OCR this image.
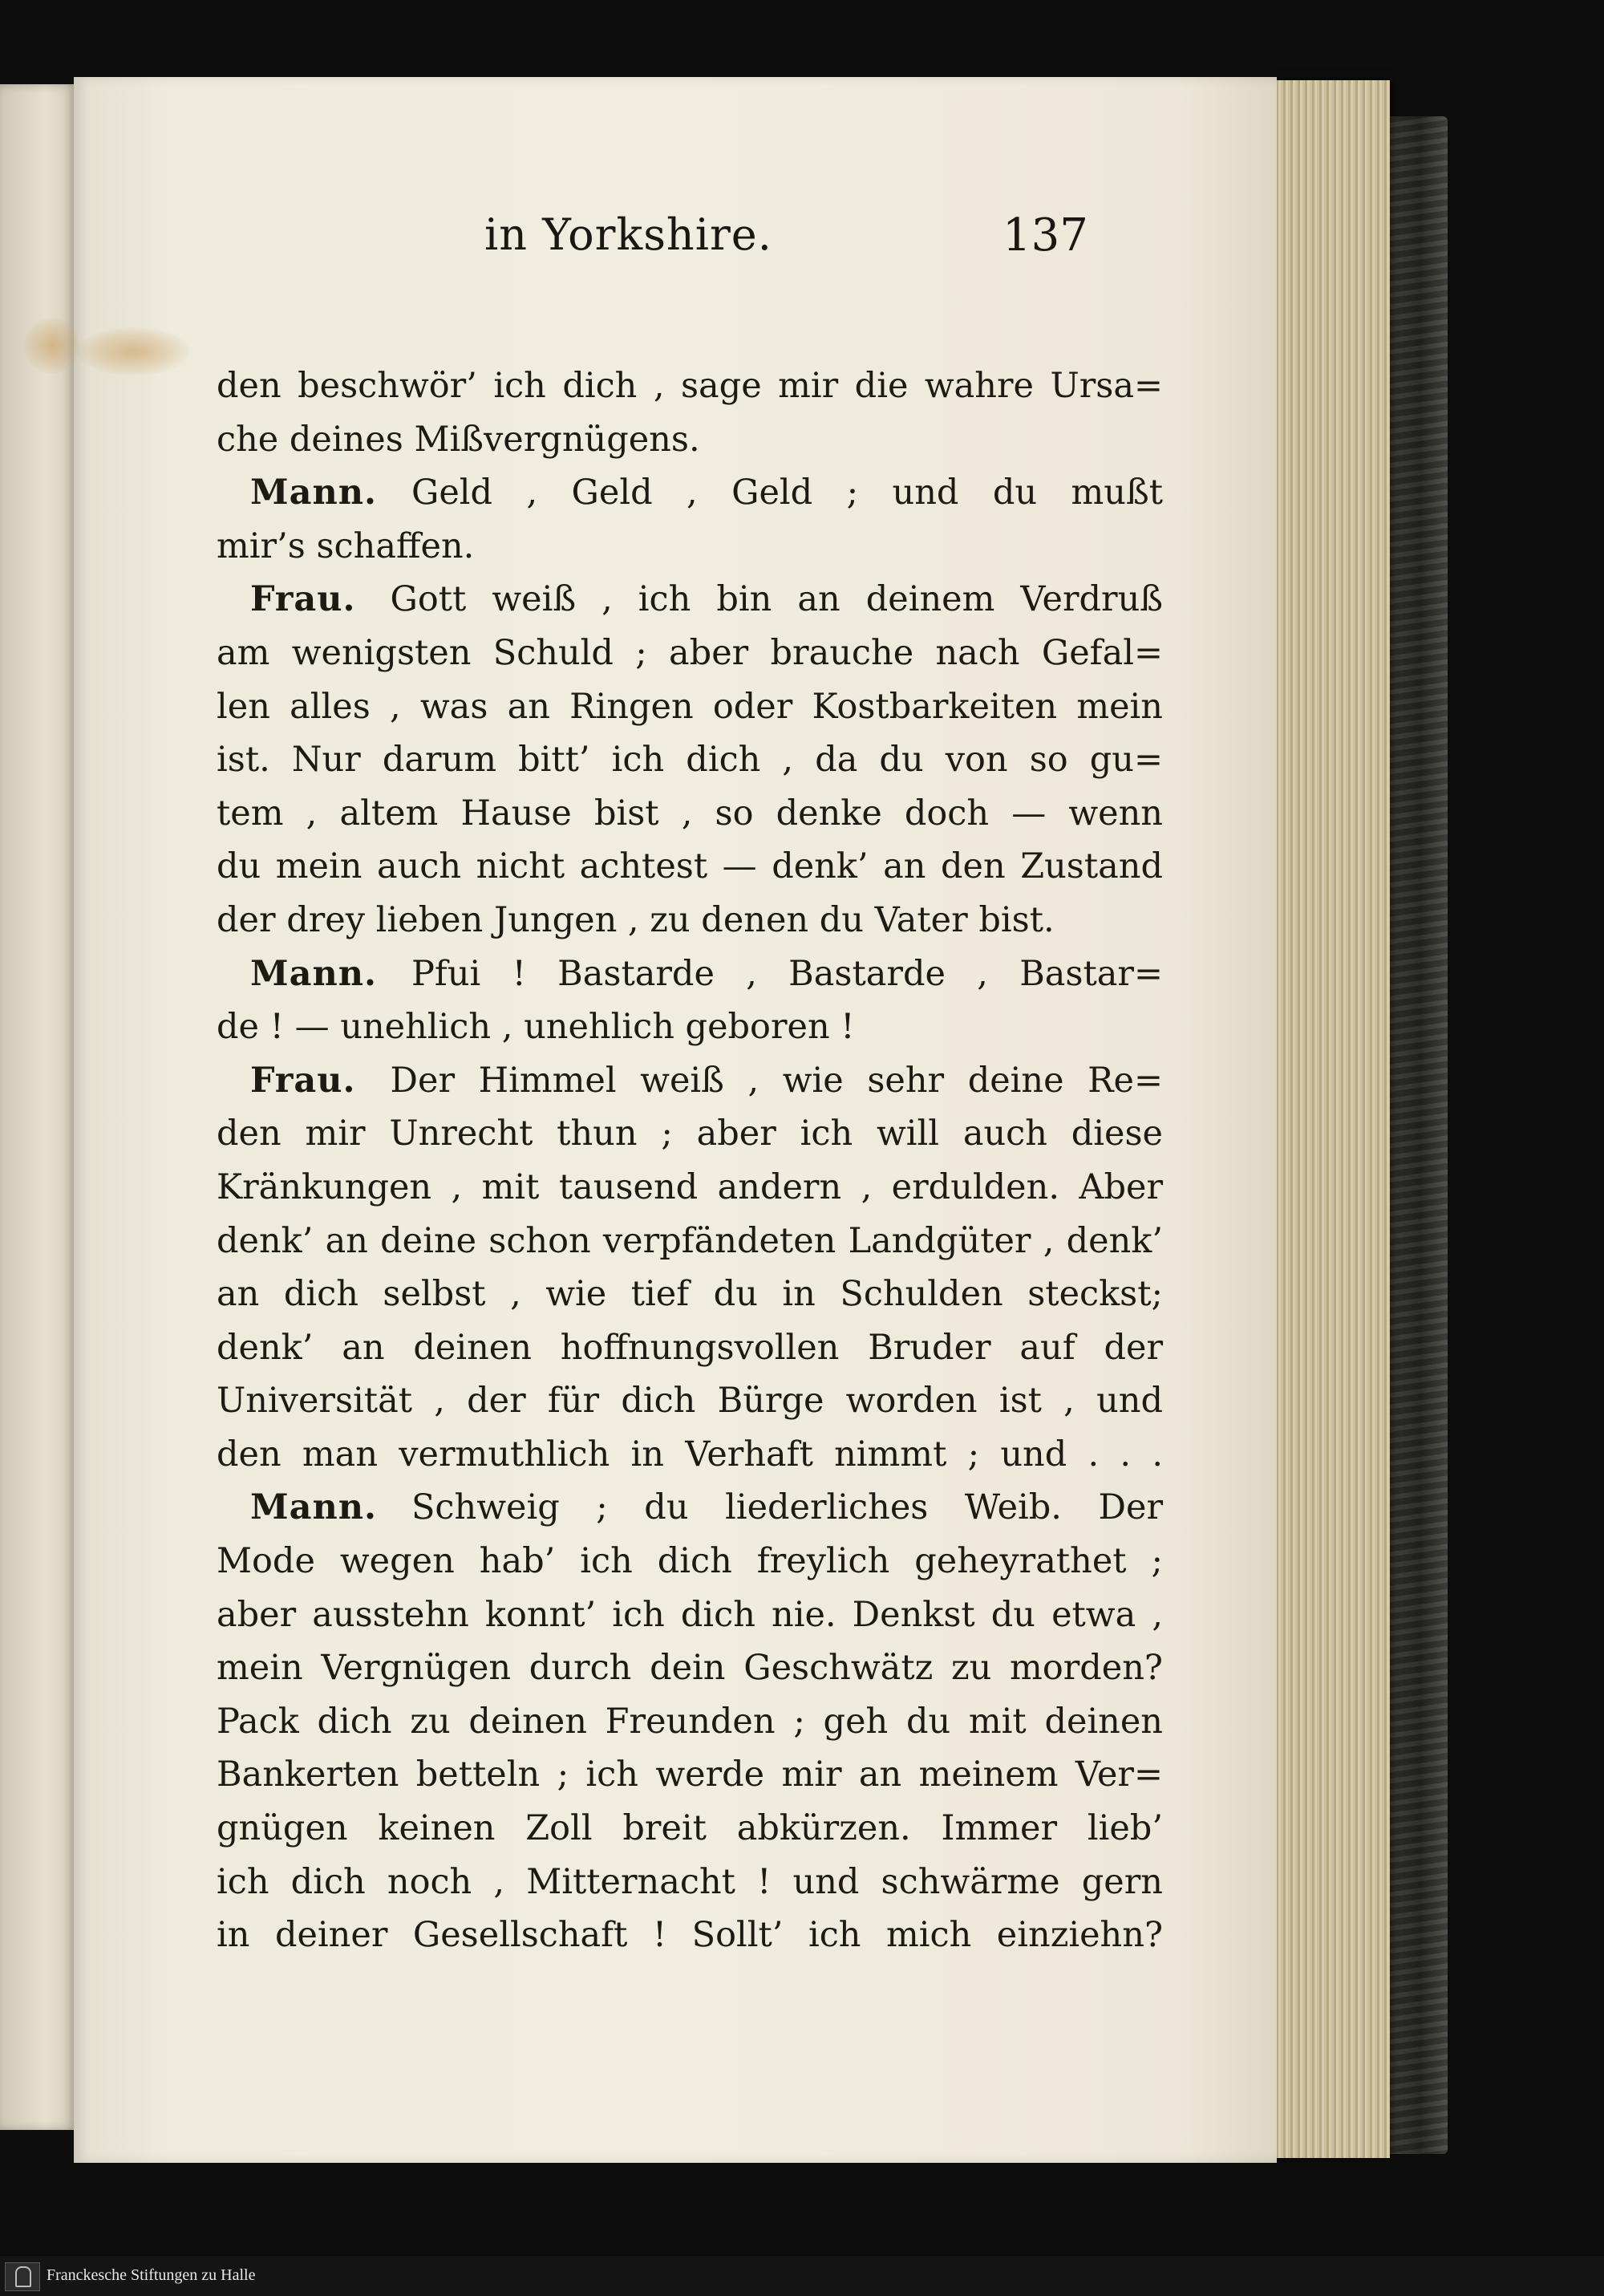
in Yorkshire.	137
den beschwör’ ich dich , sage mir die wahre Ursa=
che deines Mißvergnügens.
Mann.  Geld , Geld , Geld ; und du mußt
mir’s schaffen.
Frau.  Gott weiß , ich bin an deinem Verdruß
am wenigsten Schuld ; aber brauche nach Gefal=
len alles , was an Ringen oder Kostbarkeiten mein
ist. Nur darum bitt’ ich dich , da du von so gu=
tem , altem Hause bist , so denke doch — wenn
du mein auch nicht achtest — denk’ an den Zustand
der drey lieben Jungen , zu denen du Vater bist.
Mann.  Pfui ! Bastarde , Bastarde , Bastar=
de ! — unehlich , unehlich geboren !
Frau.  Der Himmel weiß , wie sehr deine Re=
den mir Unrecht thun ; aber ich will auch diese
Kränkungen , mit tausend andern , erdulden. Aber
denk’ an deine schon verpfändeten Landgüter , denk’
an dich selbst , wie tief du in Schulden steckst;
denk’ an deinen hoffnungsvollen Bruder auf der
Universität , der für dich Bürge worden ist , und
den man vermuthlich in Verhaft nimmt ; und . . .
Mann.  Schweig ; du liederliches Weib. Der
Mode wegen hab’ ich dich freylich geheyrathet ;
aber ausstehn konnt’ ich dich nie. Denkst du etwa ,
mein Vergnügen durch dein Geschwätz zu morden?
Pack dich zu deinen Freunden ; geh du mit deinen
Bankerten betteln ; ich werde mir an meinem Ver=
gnügen keinen Zoll breit abkürzen. Immer lieb’
ich dich noch , Mitternacht ! und schwärme gern
in deiner Gesellschaft ! Sollt’ ich mich einziehn?
Franckesche Stiftungen zu Halle
